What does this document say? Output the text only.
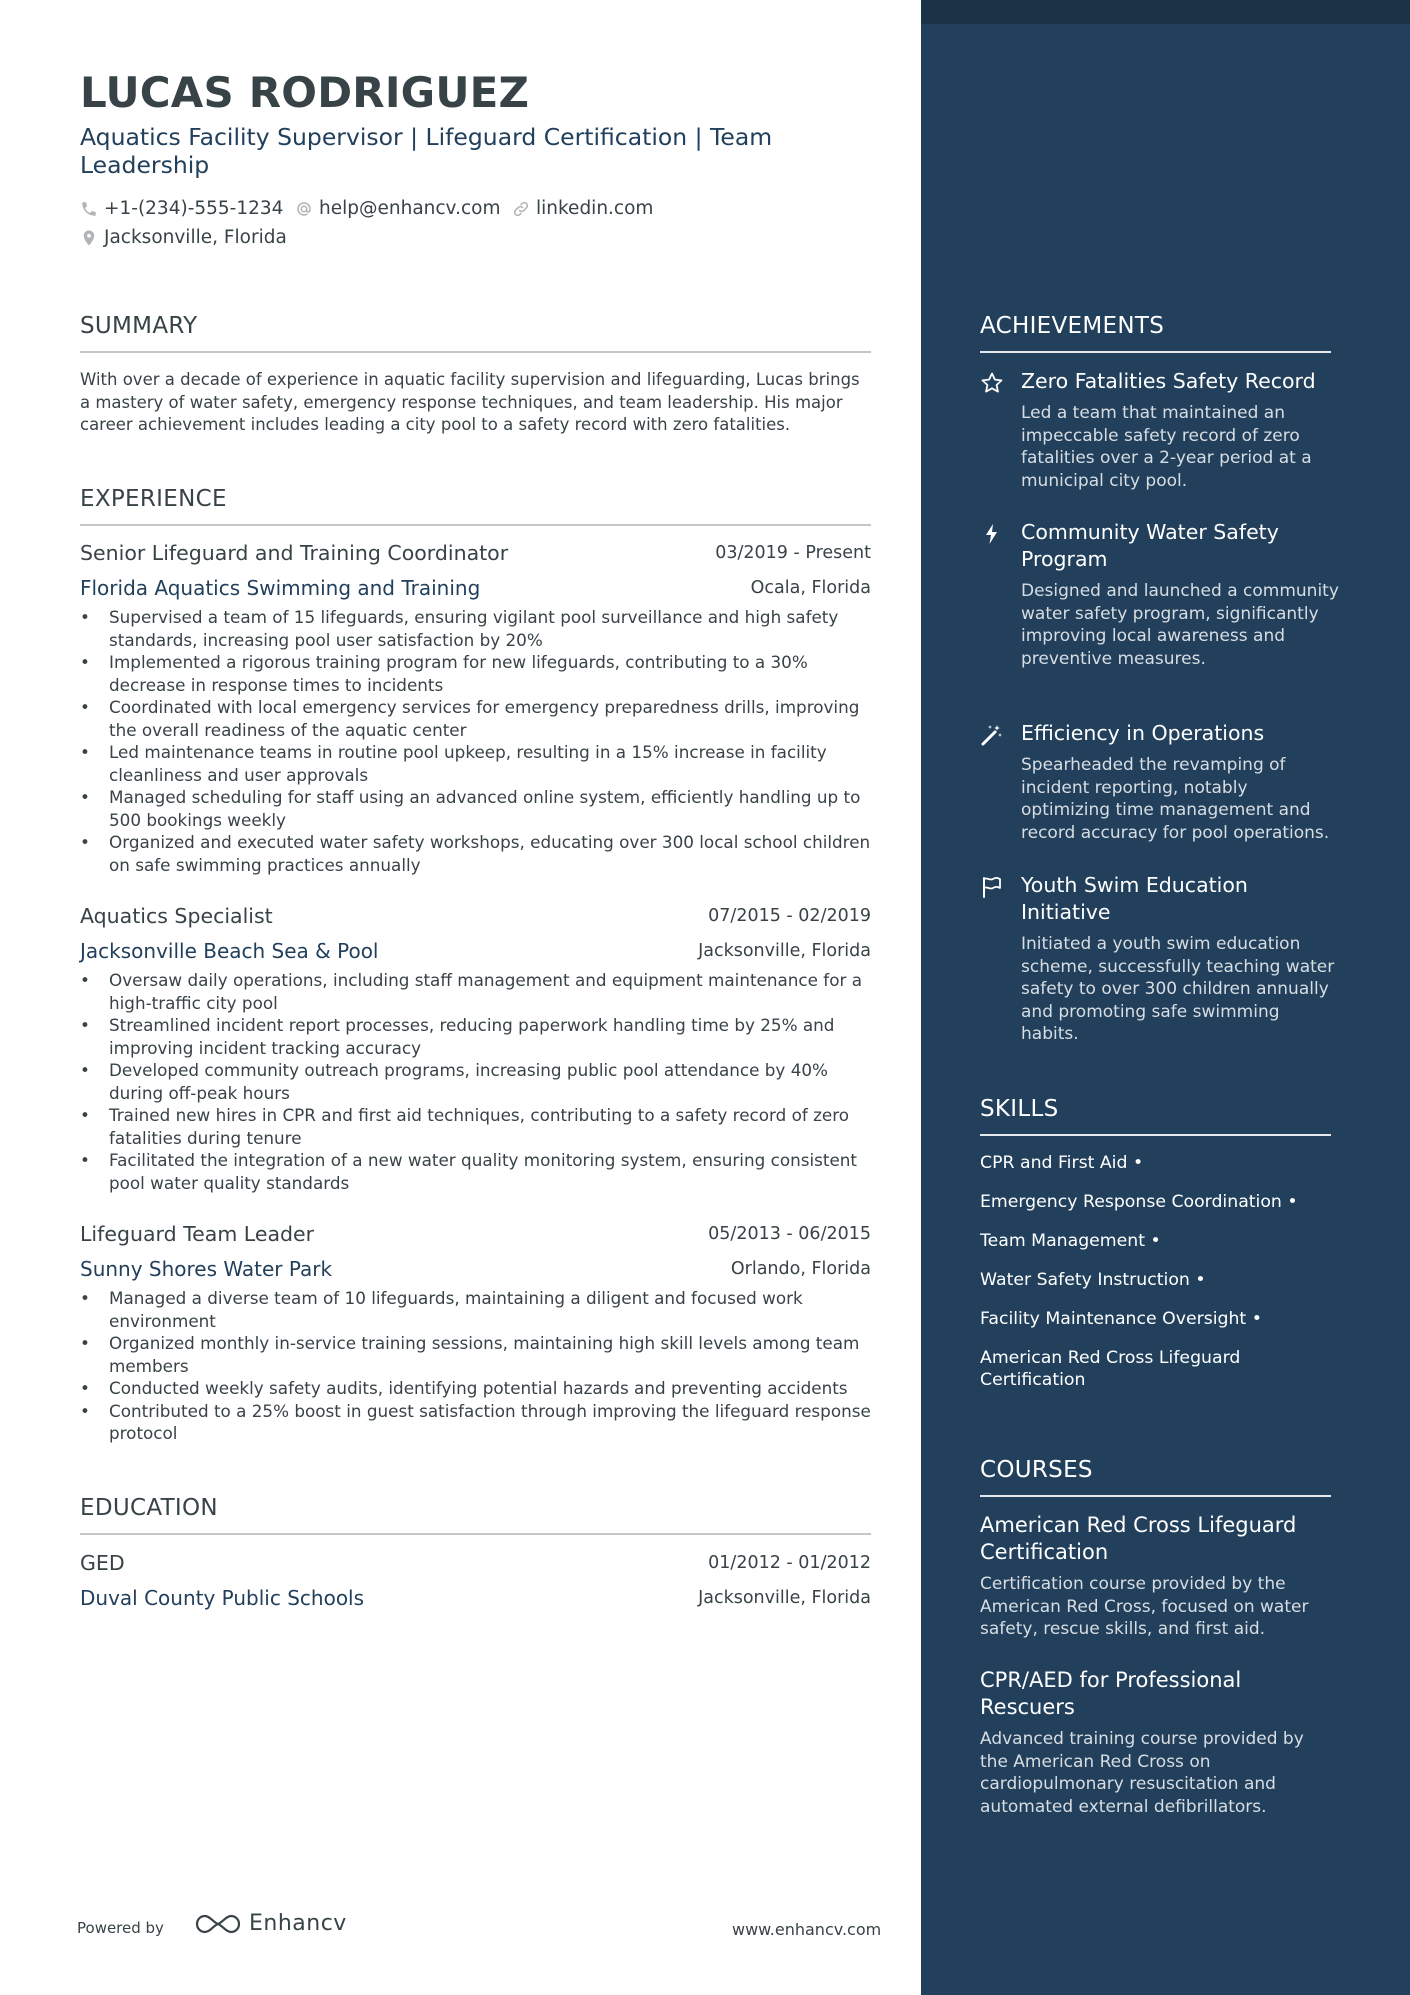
LUCAS RODRIGUEZ
Aquatics Facility Supervisor | Lifeguard Certification | Team Leadership
+1-(234)-555-1234 help@enhancv.com linkedin.com
Jacksonville, Florida
SUMMARY
With over a decade of experience in aquatic facility supervision and lifeguarding, Lucas brings a mastery of water safety, emergency response techniques, and team leadership. His major career achievement includes leading a city pool to a safety record with zero fatalities.
EXPERIENCE
Senior Lifeguard and Training Coordinator	03/2019 - Present
Florida Aquatics Swimming and Training	Ocala, Florida
• Supervised a team of 15 lifeguards, ensuring vigilant pool surveillance and high safety standards, increasing pool user satisfaction by 20%
• Implemented a rigorous training program for new lifeguards, contributing to a 30% decrease in response times to incidents
• Coordinated with local emergency services for emergency preparedness drills, improving the overall readiness of the aquatic center
• Led maintenance teams in routine pool upkeep, resulting in a 15% increase in facility cleanliness and user approvals
• Managed scheduling for staff using an advanced online system, efficiently handling up to 500 bookings weekly
• Organized and executed water safety workshops, educating over 300 local school children on safe swimming practices annually
Aquatics Specialist	07/2015 - 02/2019
Jacksonville Beach Sea & Pool	Jacksonville, Florida
• Oversaw daily operations, including staff management and equipment maintenance for a high-traffic city pool
• Streamlined incident report processes, reducing paperwork handling time by 25% and improving incident tracking accuracy
• Developed community outreach programs, increasing public pool attendance by 40% during off-peak hours
• Trained new hires in CPR and first aid techniques, contributing to a safety record of zero fatalities during tenure
• Facilitated the integration of a new water quality monitoring system, ensuring consistent pool water quality standards
Lifeguard Team Leader	05/2013 - 06/2015
Sunny Shores Water Park	Orlando, Florida
• Managed a diverse team of 10 lifeguards, maintaining a diligent and focused work environment
• Organized monthly in-service training sessions, maintaining high skill levels among team members
• Conducted weekly safety audits, identifying potential hazards and preventing accidents
• Contributed to a 25% boost in guest satisfaction through improving the lifeguard response protocol
EDUCATION
GED	01/2012 - 01/2012
Duval County Public Schools	Jacksonville, Florida
Powered by	Enhancv	www.enhancv.com
ACHIEVEMENTS
Zero Fatalities Safety Record
Led a team that maintained an impeccable safety record of zero fatalities over a 2-year period at a municipal city pool.
Community Water Safety Program
Designed and launched a community water safety program, significantly improving local awareness and preventive measures.
Efficiency in Operations
Spearheaded the revamping of incident reporting, notably optimizing time management and record accuracy for pool operations.
Youth Swim Education Initiative
Initiated a youth swim education scheme, successfully teaching water safety to over 300 children annually and promoting safe swimming habits.
SKILLS
CPR and First Aid •
Emergency Response Coordination •
Team Management •
Water Safety Instruction •
Facility Maintenance Oversight •
American Red Cross Lifeguard Certification
COURSES
American Red Cross Lifeguard Certification
Certification course provided by the American Red Cross, focused on water safety, rescue skills, and first aid.
CPR/AED for Professional Rescuers
Advanced training course provided by the American Red Cross on cardiopulmonary resuscitation and automated external defibrillators.
